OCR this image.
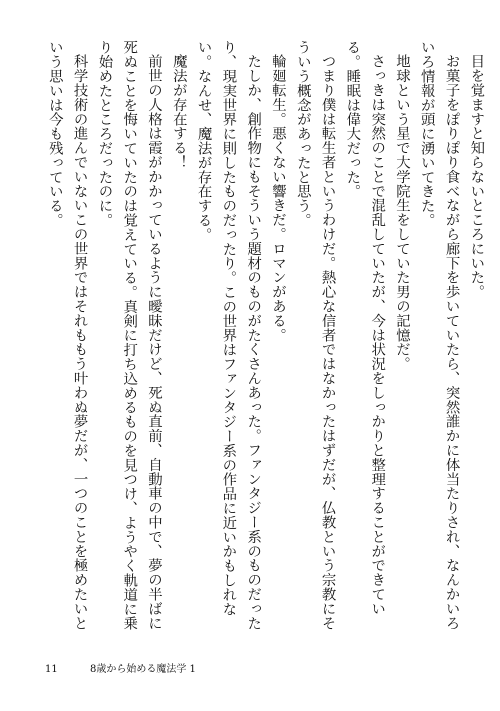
目を覚ますと知らないところにいた。

お菓子をぽりぽり食べながら廊下を歩いていたら、突然誰かに体当たりされ、なんかいろいろ情報が頭に湧いてきた。

地球という星で大学院生をしていた男の記憶だ。

さっきは突然のことで混乱していたが、今は状況をしっかりと整理することができている。睡眠は偉大だった。

つまり僕は転生者というわけだ。熱心な信者ではなかったはずだが、仏教という宗教にそういう概念があったと思う。

輪廻転生。悪くない響きだ。ロマンがある。

たしか、創作物にもそういう題材のものがたくさんあった。ファンタジー系のものだったり、現実世界に則したものだったり。この世界はファンタジー系の作品に近いかもしれない。なんせ、魔法が存在する。

魔法が存在する！

前世の人格は霞がかかっているように曖昧だけど、死ぬ直前、自動車の中で、夢の半ばに死ぬことを悔いていたのは覚えている。真剣に打ち込めるものを見つけ、ようやく軌道に乗り始めたところだったのに。

科学技術の進んでいないこの世界ではそれももう叶わぬ夢だが、一つのことを極めたいという思いは今も残っている。

11	8歳から始める魔法学 1
